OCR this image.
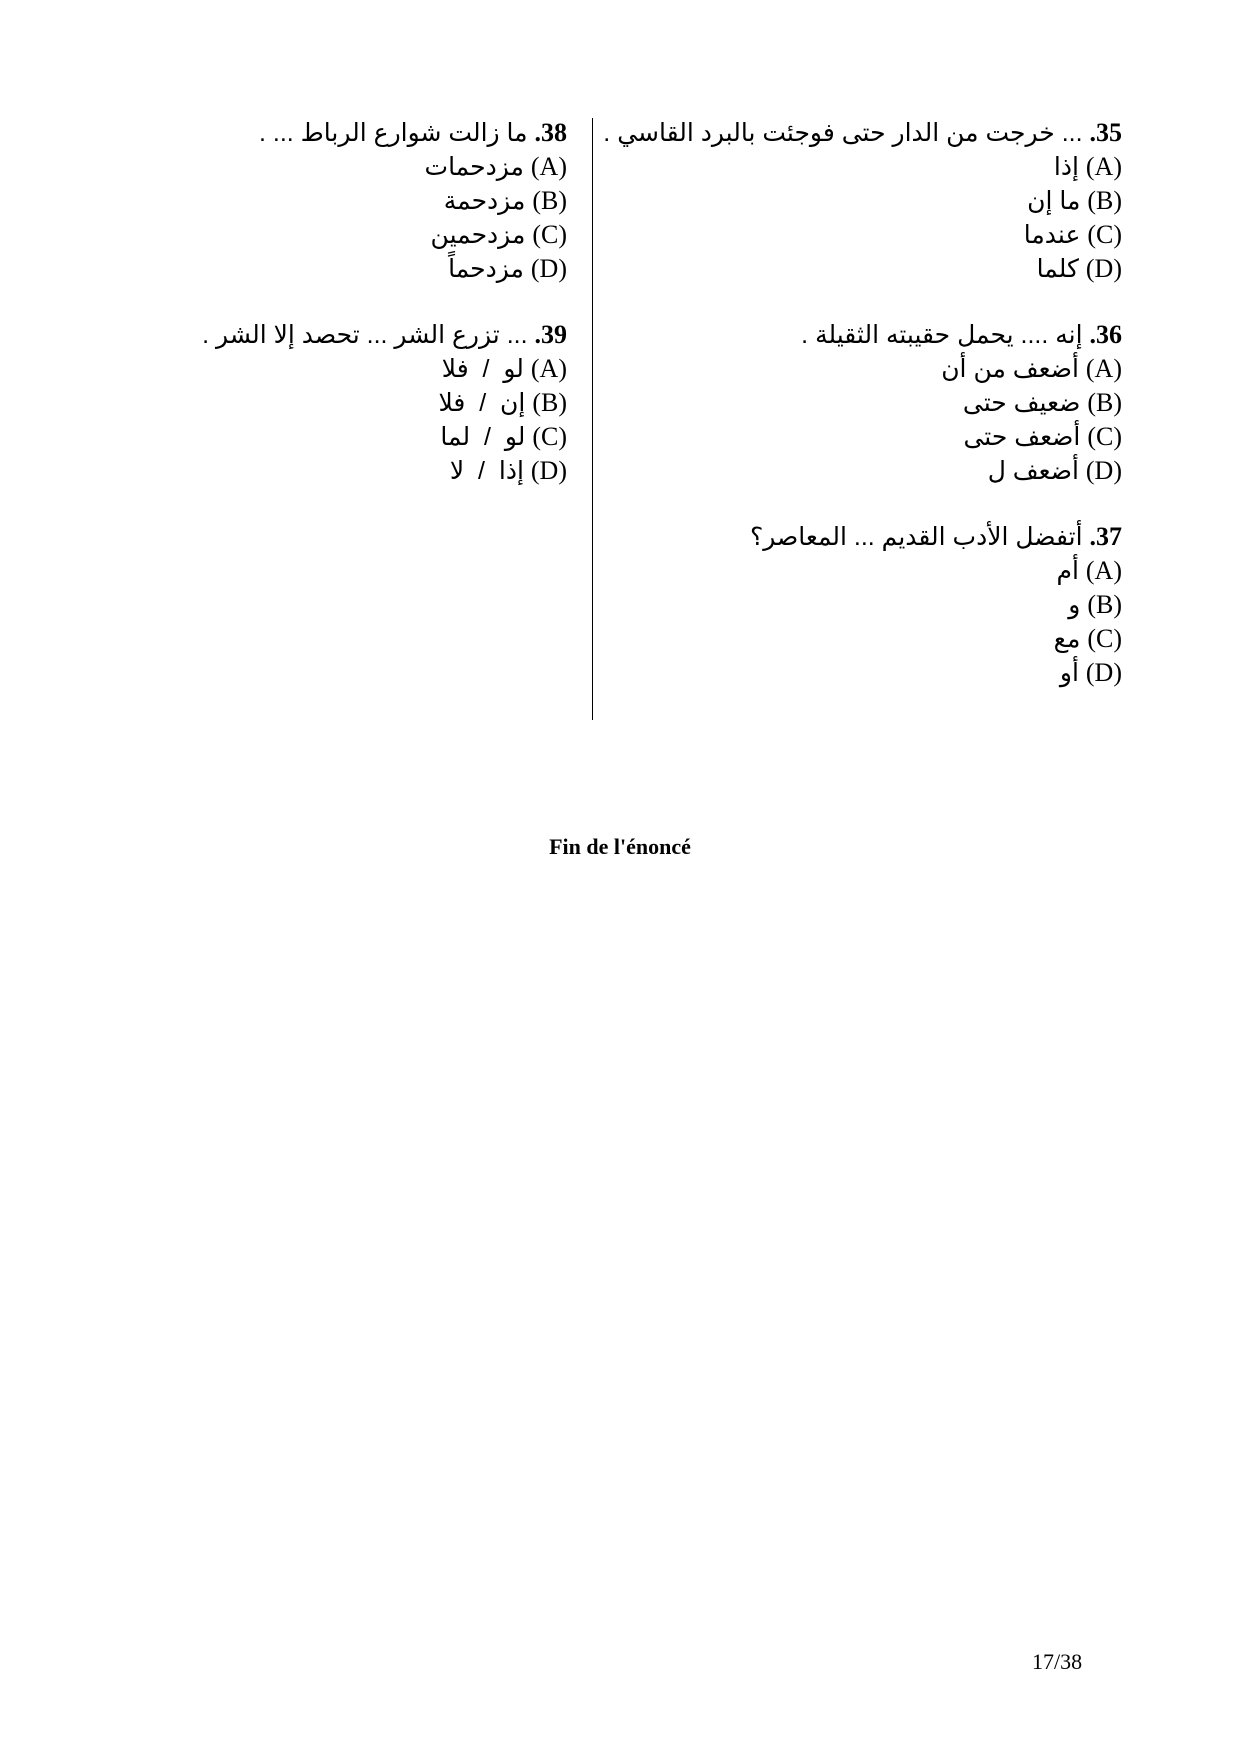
35. ... خرجت من الدار حتى فوجئت بالبرد القاسي .
(A) إذا
(B) ما إن
(C) عندما
(D) كلما
36. إنه .... يحمل حقيبته الثقيلة .
(A) أضعف من أن
(B) ضعيف حتى
(C) أضعف حتى
(D) أضعف ل
37. أتفضل الأدب القديم ... المعاصر؟
(A) أم
(B) و
(C) مع
(D) أو
38. ما زالت شوارع الرباط ... .
(A) مزدحمات
(B) مزدحمة
(C) مزدحمين
(D) مزدحماً
39. ... تزرع الشر ... تحصد إلا الشر .
(A) لو  /  فلا
(B) إن  /  فلا
(C) لو  /  لما
(D) إذا  /  لا
Fin de l'énoncé
17/38
